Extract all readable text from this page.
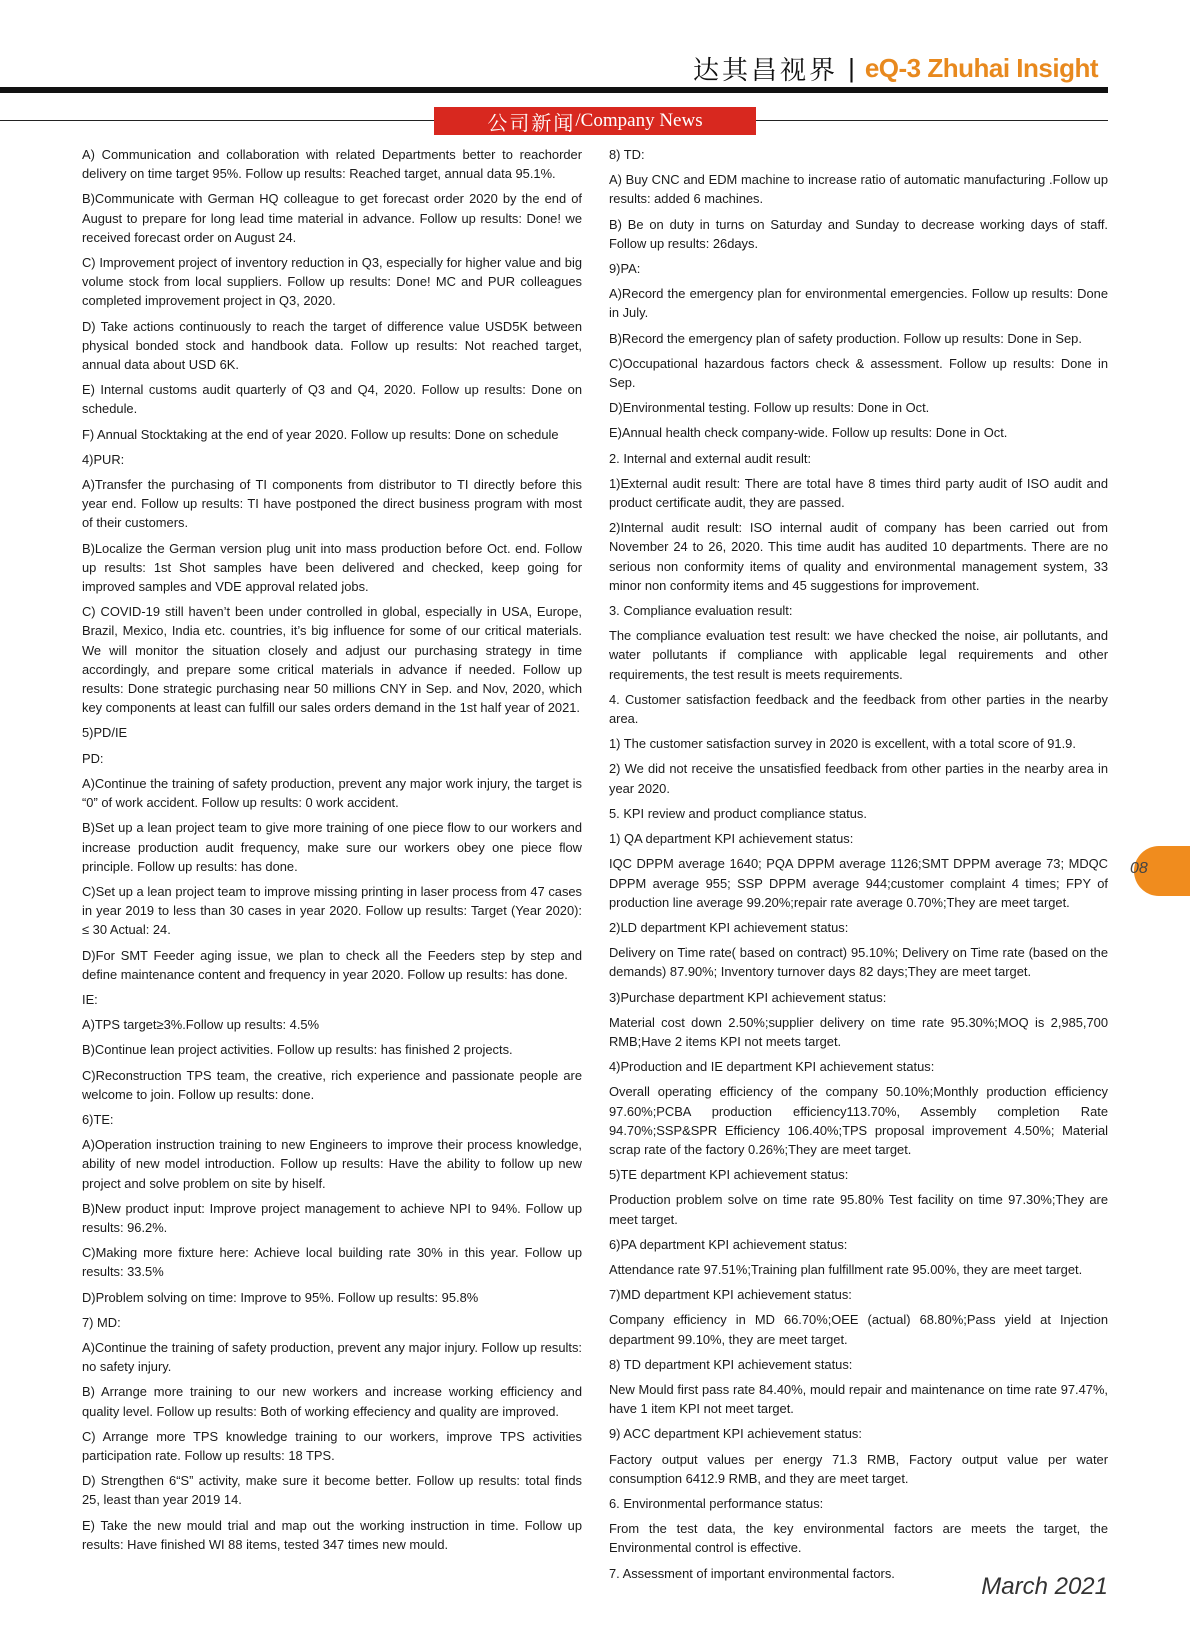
达其昌视界 | eQ-3 Zhuhai Insight
公司新闻 /Company News

A) Communication and collaboration with related Departments better to reachorder delivery on time target 95%. Follow up results: Reached target, annual data 95.1%.

B)Communicate with German HQ colleague to get forecast order 2020 by the end of August to prepare for long lead time material in advance. Follow up results: Done! we received forecast order on August 24.

C) Improvement project of inventory reduction in Q3, especially for higher value and big volume stock from local suppliers. Follow up results: Done! MC and PUR colleagues completed improvement project in Q3, 2020.

D) Take actions continuously to reach the target of difference value USD5K between physical bonded stock and handbook data. Follow up results: Not reached target, annual data about USD 6K.

E) Internal customs audit quarterly of Q3 and Q4, 2020. Follow up results: Done on schedule.

F) Annual Stocktaking at the end of year 2020. Follow up results: Done on schedule

4)PUR:

A)Transfer the purchasing of TI components from distributor to TI directly before this year end. Follow up results: TI have postponed the direct business program with most of their customers.

B)Localize the German version plug unit into mass production before Oct. end. Follow up results: 1st Shot samples have been delivered and checked, keep going for improved samples and VDE approval related jobs.

C) COVID-19 still haven’t been under controlled in global, especially in USA, Europe, Brazil, Mexico, India etc. countries, it’s big influence for some of our critical materials. We will monitor the situation closely and adjust our purchasing strategy in time accordingly, and prepare some critical materials in advance if needed. Follow up results: Done strategic purchasing near 50 millions CNY in Sep. and Nov, 2020, which key components at least can fulfill our sales orders demand in the 1st half year of 2021.

5)PD/IE

PD:

A)Continue the training of safety production, prevent any major work injury, the target is “0” of work accident. Follow up results: 0 work accident.

B)Set up a lean project team to give more training of one piece flow to our workers and increase production audit frequency, make sure our workers obey one piece flow principle. Follow up results: has done.

C)Set up a lean project team to improve missing printing in laser process from 47 cases in year 2019 to less than 30 cases in year 2020. Follow up results: Target (Year 2020): ≤ 30 Actual: 24.

D)For SMT Feeder aging issue, we plan to check all the Feeders step by step and define maintenance content and frequency in year 2020. Follow up results: has done.

IE:

A)TPS target≥3%.Follow up results: 4.5%

B)Continue lean project activities. Follow up results: has finished 2 projects.

C)Reconstruction TPS team, the creative, rich experience and passionate people are welcome to join. Follow up results: done.

6)TE:

A)Operation instruction training to new Engineers to improve their process knowledge, ability of new model introduction. Follow up results: Have the ability to follow up new project and solve problem on site by hiself.

B)New product input: Improve project management to achieve NPI to 94%. Follow up results: 96.2%.

C)Making more fixture here: Achieve local building rate 30% in this year. Follow up results: 33.5%

D)Problem solving on time: Improve to 95%. Follow up results: 95.8%

7) MD:

A)Continue the training of safety production, prevent any major injury. Follow up results: no safety injury.

B) Arrange more training to our new workers and increase working efficiency and quality level. Follow up results: Both of working effeciency and quality are improved.

C) Arrange more TPS knowledge training to our workers, improve TPS activities participation rate. Follow up results: 18 TPS.

D) Strengthen 6“S” activity, make sure it become better. Follow up results: total finds 25, least than year 2019 14.

E) Take the new mould trial and map out the working instruction in time. Follow up results: Have finished WI 88 items, tested 347 times new mould.

8) TD:

A) Buy CNC and EDM machine to increase ratio of automatic manufacturing .Follow up results: added 6 machines.

B) Be on duty in turns on Saturday and Sunday to decrease working days of staff. Follow up results: 26days.

9)PA:

A)Record the emergency plan for environmental emergencies. Follow up results: Done in July.

B)Record the emergency plan of safety production. Follow up results: Done in Sep.

C)Occupational hazardous factors check & assessment. Follow up results: Done in Sep.

D)Environmental testing. Follow up results: Done in Oct.

E)Annual health check company-wide. Follow up results: Done in Oct.

2. Internal and external audit result:

1)External audit result: There are total have 8 times third party audit of ISO audit and product certificate audit, they are passed.

2)Internal audit result: ISO internal audit of company has been carried out from November 24 to 26, 2020. This time audit has audited 10 departments. There are no serious non conformity items of quality and environmental management system, 33 minor non conformity items and 45 suggestions for improvement.

3. Compliance evaluation result:

The compliance evaluation test result: we have checked the noise, air pollutants, and water pollutants if compliance with applicable legal requirements and other requirements, the test result is meets requirements.

4. Customer satisfaction feedback and the feedback from other parties in the nearby area.

1) The customer satisfaction survey in 2020 is excellent, with a total score of 91.9.

2) We did not receive the unsatisfied feedback from other parties in the nearby area in year 2020.

5. KPI review and product compliance status.

1) QA department KPI achievement status:

IQC DPPM average 1640; PQA DPPM average 1126;SMT DPPM average 73; MDQC DPPM average 955; SSP DPPM average 944;customer complaint 4 times; FPY of production line average 99.20%;repair rate average 0.70%;They are meet target.

2)LD department KPI achievement status:

Delivery on Time rate( based on contract) 95.10%; Delivery on Time rate (based on the demands) 87.90%; Inventory turnover days 82 days;They are meet target.

3)Purchase department KPI achievement status:

Material cost down 2.50%;supplier delivery on time rate 95.30%;MOQ is 2,985,700 RMB;Have 2 items KPI not meets target.

4)Production and IE department KPI achievement status:

Overall operating efficiency of the company 50.10%;Monthly production efficiency 97.60%;PCBA production efficiency113.70%, Assembly completion Rate 94.70%;SSP&SPR Efficiency 106.40%;TPS proposal improvement 4.50%; Material scrap rate of the factory 0.26%;They are meet target.

5)TE department KPI achievement status:

Production problem solve on time rate 95.80% Test facility on time 97.30%;They are meet target.

6)PA department KPI achievement status:

Attendance rate 97.51%;Training plan fulfillment rate 95.00%, they are meet target.

7)MD department KPI achievement status:

Company efficiency in MD 66.70%;OEE (actual) 68.80%;Pass yield at Injection department 99.10%, they are meet target.

8) TD department KPI achievement status:

New Mould first pass rate 84.40%, mould repair and maintenance on time rate 97.47%, have 1 item KPI not meet target.

9) ACC department KPI achievement status:

Factory output values per energy 71.3 RMB, Factory output value per water consumption 6412.9 RMB, and they are meet target.

6. Environmental performance status:

From the test data, the key environmental factors are meets the target, the Environmental control is effective.

7. Assessment of important environmental factors.

08
March 2021
